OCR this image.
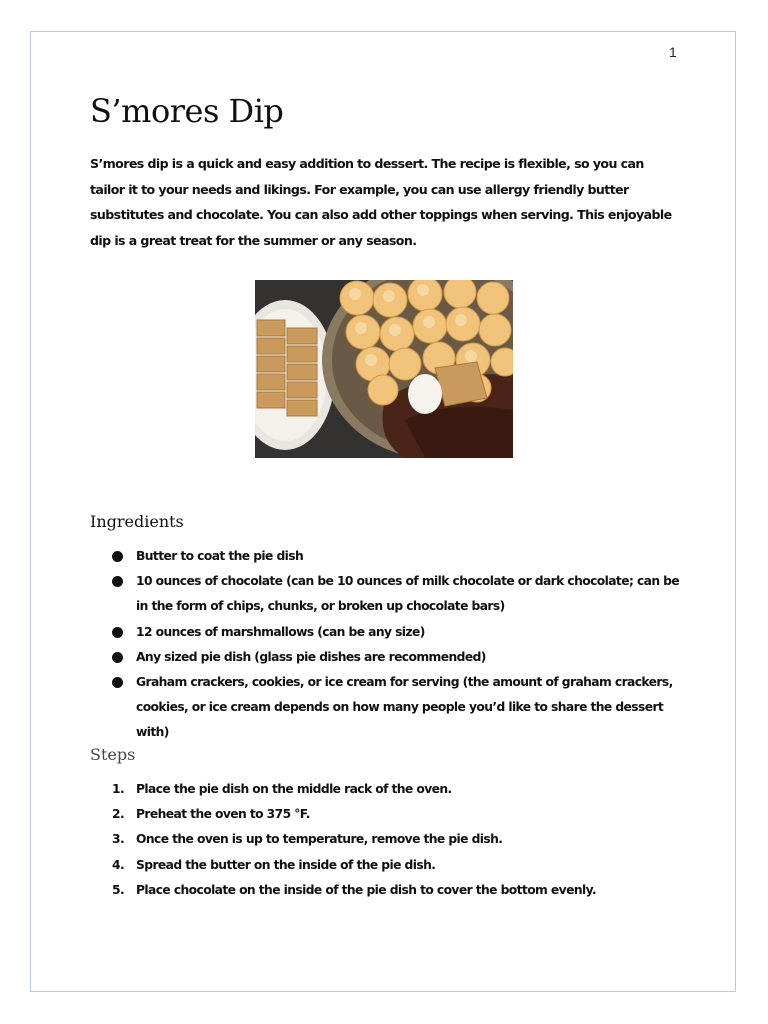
1
S’mores Dip

S’mores dip is a quick and easy addition to dessert. The recipe is flexible, so you can tailor it to your needs and likings. For example, you can use allergy friendly butter substitutes and chocolate. You can also add other toppings when serving. This enjoyable dip is a great treat for the summer or any season.

Ingredients
Butter to coat the pie dish
10 ounces of chocolate (can be 10 ounces of milk chocolate or dark chocolate; can be in the form of chips, chunks, or broken up chocolate bars)
12 ounces of marshmallows (can be any size)
Any sized pie dish (glass pie dishes are recommended)
Graham crackers, cookies, or ice cream for serving (the amount of graham crackers, cookies, or ice cream depends on how many people you’d like to share the dessert with)
Steps
1. Place the pie dish on the middle rack of the oven.
2. Preheat the oven to 375 °F.
3. Once the oven is up to temperature, remove the pie dish.
4. Spread the butter on the inside of the pie dish.
5. Place chocolate on the inside of the pie dish to cover the bottom evenly.
